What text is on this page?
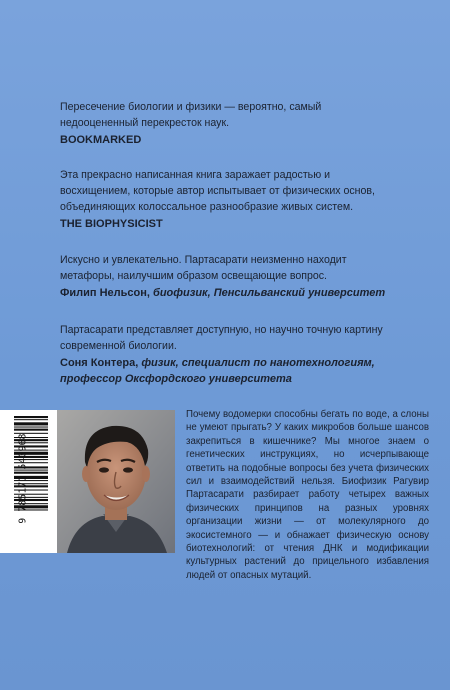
Пересечение биологии и физики — вероятно, самый недооцененный перекресток наук.
BOOKMARKED
Эта прекрасно написанная книга заражает радостью и восхищением, которые автор испытывает от физических основ, объединяющих колоссальное разнообразие живых систем.
THE BIOPHYSICIST
Искусно и увлекательно. Партасарати неизменно находит метафоры, наилучшим образом освещающие вопрос.
Филип Нельсон, биофизик, Пенсильванский университет
Партасарати представляет доступную, но научно точную картину современной биологии.
Соня Контера, физик, специалист по нанотехнологиям, профессор Оксфордского университета
9 785171 540968
Почему водомерки способны бегать по воде, а слоны не умеют прыгать? У каких микробов больше шансов закрепиться в кишечнике? Мы многое знаем о генетических инструкциях, но исчерпывающе ответить на подобные вопросы без учета физических сил и взаимодействий нельзя. Биофизик Рагувир Партасарати разбирает работу четырех важных физических принципов на разных уровнях организации жизни — от молекулярного до экосистемного — и обнажает физическую основу биотехнологий: от чтения ДНК и модификации культурных растений до прицельного избавления людей от опасных мутаций.
